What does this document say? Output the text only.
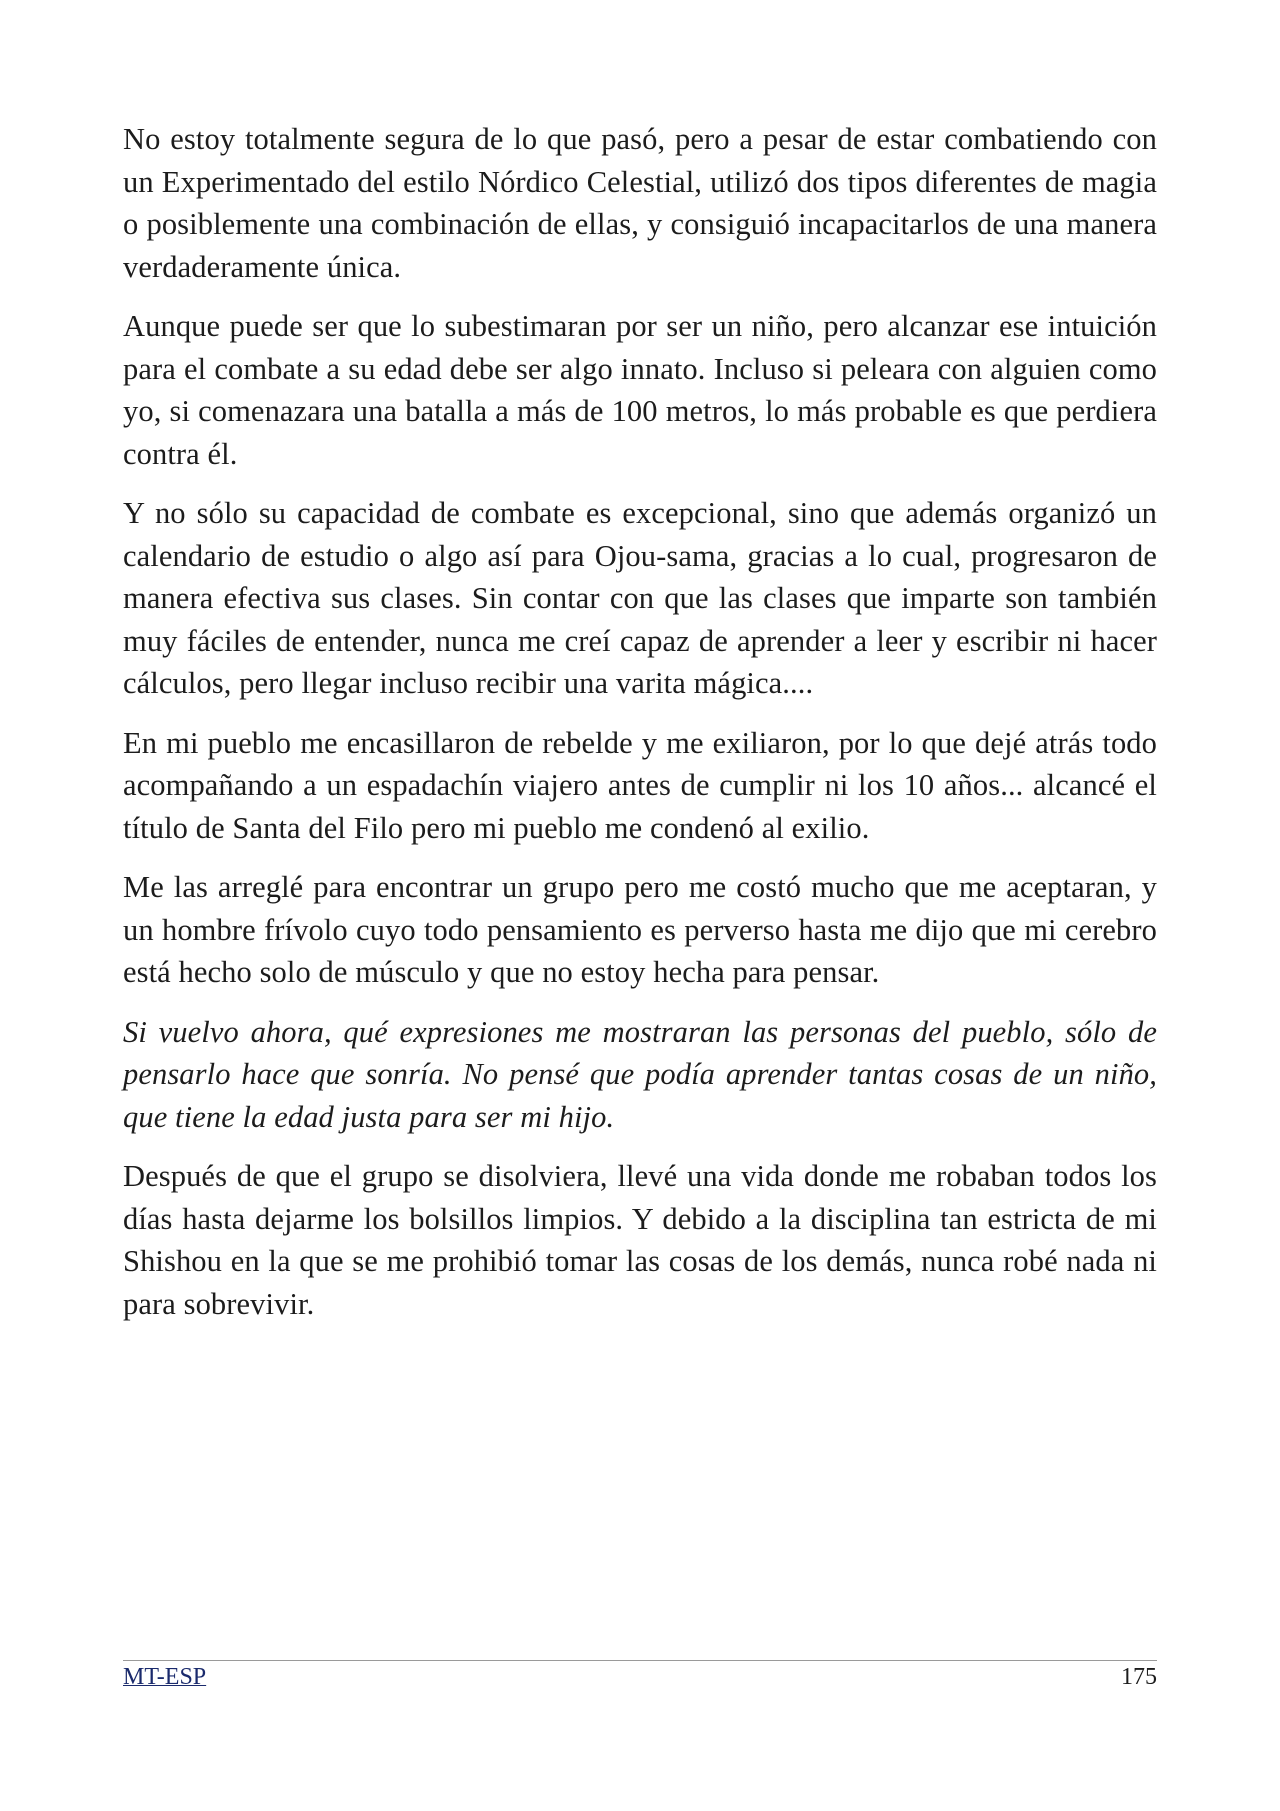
No estoy totalmente segura de lo que pasó, pero a pesar de estar combatiendo con un Experimentado del estilo Nórdico Celestial, utilizó dos tipos diferentes de magia o posiblemente una combinación de ellas, y consiguió incapacitarlos de una manera verdaderamente única.

Aunque puede ser que lo subestimaran por ser un niño, pero alcanzar ese intuición para el combate a su edad debe ser algo innato. Incluso si peleara con alguien como yo, si comenazara una batalla a más de 100 metros, lo más probable es que perdiera contra él.

Y no sólo su capacidad de combate es excepcional, sino que además organizó un calendario de estudio o algo así para Ojou-sama, gracias a lo cual, progresaron de manera efectiva sus clases. Sin contar con que las clases que imparte son también muy fáciles de entender, nunca me creí capaz de aprender a leer y escribir ni hacer cálculos, pero llegar incluso recibir una varita mágica....

En mi pueblo me encasillaron de rebelde y me exiliaron, por lo que dejé atrás todo acompañando a un espadachín viajero antes de cumplir ni los 10 años... alcancé el título de Santa del Filo pero mi pueblo me condenó al exilio.

Me las arreglé para encontrar un grupo pero me costó mucho que me aceptaran, y un hombre frívolo cuyo todo pensamiento es perverso hasta me dijo que mi cerebro está hecho solo de músculo y que no estoy hecha para pensar.

Si vuelvo ahora, qué expresiones me mostraran las personas del pueblo, sólo de pensarlo hace que sonría. No pensé que podía aprender tantas cosas de un niño, que tiene la edad justa para ser mi hijo.

Después de que el grupo se disolviera, llevé una vida donde me robaban todos los días hasta dejarme los bolsillos limpios. Y debido a la disciplina tan estricta de mi Shishou en la que se me prohibió tomar las cosas de los demás, nunca robé nada ni para sobrevivir.

MT-ESP	175
